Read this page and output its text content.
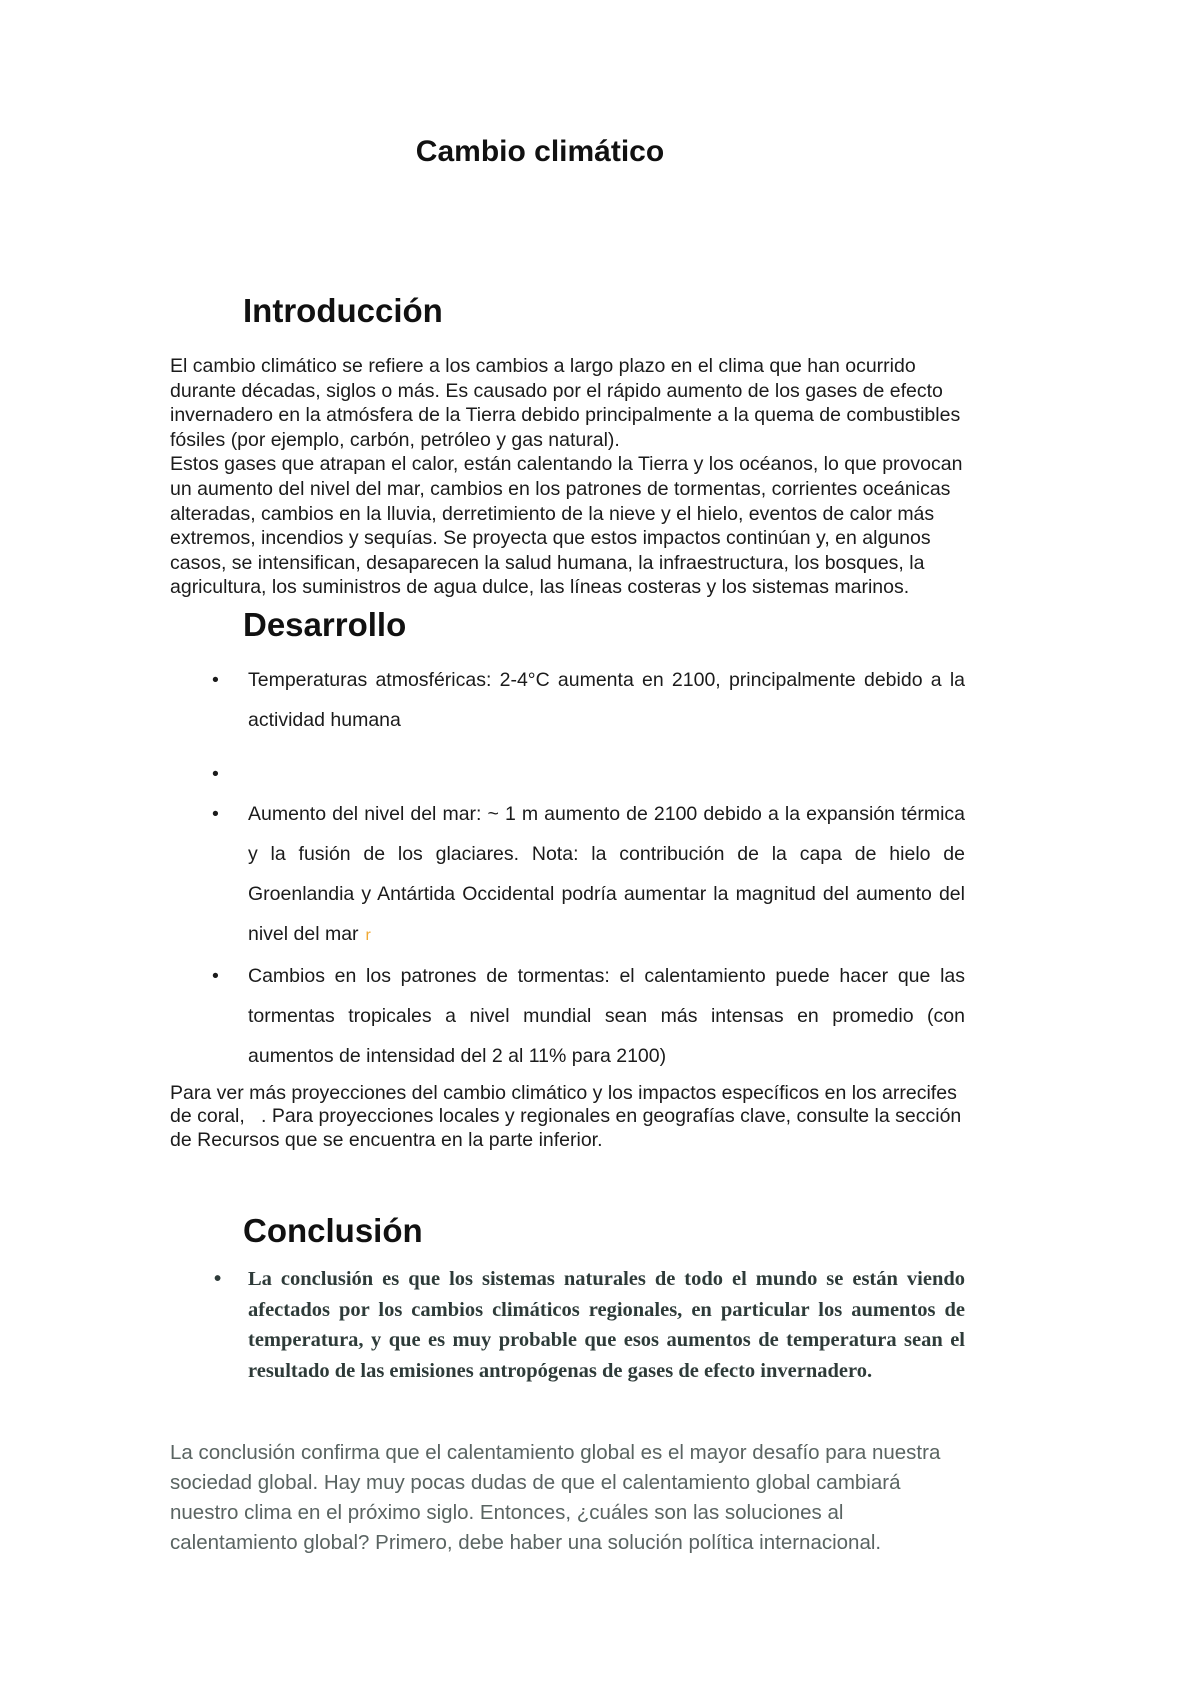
Cambio climático
Introducción

El cambio climático se refiere a los cambios a largo plazo en el clima que han ocurrido durante décadas, siglos o más. Es causado por el rápido aumento de los gases de efecto invernadero en la atmósfera de la Tierra debido principalmente a la quema de combustibles fósiles (por ejemplo, carbón, petróleo y gas natural).

Estos gases que atrapan el calor, están calentando la Tierra y los océanos, lo que provocan un aumento del nivel del mar, cambios en los patrones de tormentas, corrientes oceánicas alteradas, cambios en la lluvia, derretimiento de la nieve y el hielo, eventos de calor más extremos, incendios y sequías. Se proyecta que estos impactos continúan y, en algunos casos, se intensifican, desaparecen la salud humana, la infraestructura, los bosques, la agricultura, los suministros de agua dulce, las líneas costeras y los sistemas marinos.

Desarrollo
• Temperaturas atmosféricas: 2-4°C aumenta en 2100, principalmente debido a la actividad humana
•
• Aumento del nivel del mar: ~ 1 m aumento de 2100 debido a la expansión térmica y la fusión de los glaciares. Nota: la contribución de la capa de hielo de Groenlandia y Antártida Occidental podría aumentar la magnitud del aumento del nivel del mar r
• Cambios en los patrones de tormentas: el calentamiento puede hacer que las tormentas tropicales a nivel mundial sean más intensas en promedio (con aumentos de intensidad del 2 al 11% para 2100)

Para ver más proyecciones del cambio climático y los impactos específicos en los arrecifes de coral,   . Para proyecciones locales y regionales en geografías clave, consulte la sección de Recursos que se encuentra en la parte inferior.

Conclusión
• La conclusión es que los sistemas naturales de todo el mundo se están viendo afectados por los cambios climáticos regionales, en particular los aumentos de temperatura, y que es muy probable que esos aumentos de temperatura sean el resultado de las emisiones antropógenas de gases de efecto invernadero.

La conclusión confirma que el calentamiento global es el mayor desafío para nuestra sociedad global. Hay muy pocas dudas de que el calentamiento global cambiará nuestro clima en el próximo siglo. Entonces, ¿cuáles son las soluciones al calentamiento global? Primero, debe haber una solución política internacional.
